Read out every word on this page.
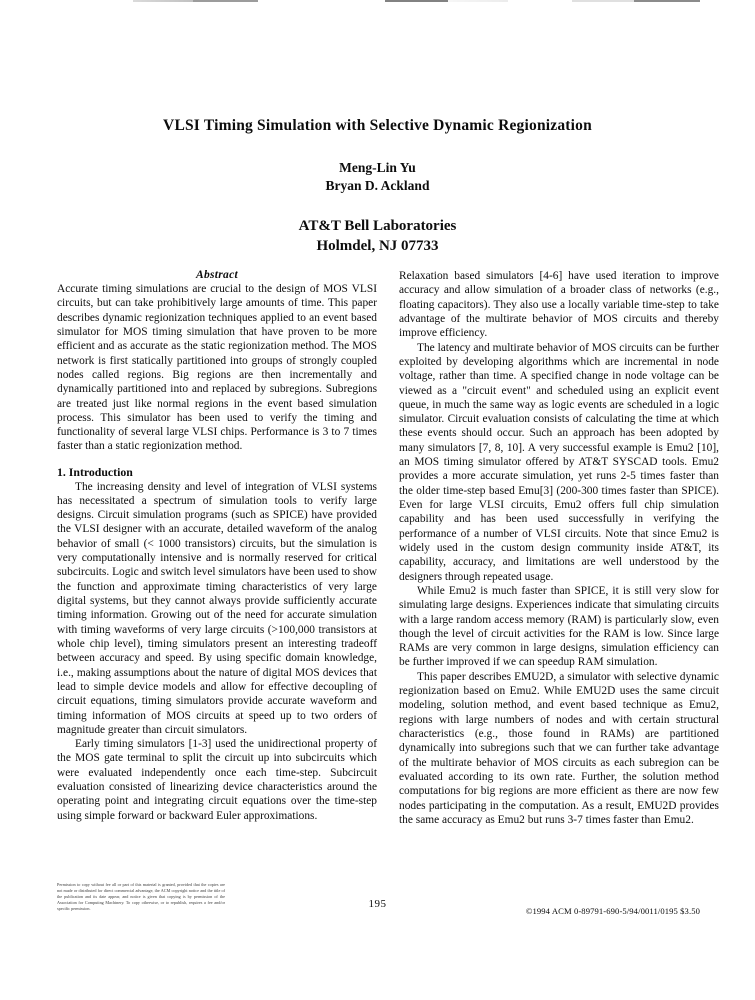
VLSI Timing Simulation with Selective Dynamic Regionization
Meng-Lin Yu
Bryan D. Ackland
AT&T Bell Laboratories
Holmdel, NJ 07733
Abstract

Accurate timing simulations are crucial to the design of MOS VLSI circuits, but can take prohibitively large amounts of time. This paper describes dynamic regionization techniques applied to an event based simulator for MOS timing simulation that have proven to be more efficient and as accurate as the static regionization method. The MOS network is first statically partitioned into groups of strongly coupled nodes called regions. Big regions are then incrementally and dynamically partitioned into and replaced by subregions. Subregions are treated just like normal regions in the event based simulation process. This simulator has been used to verify the timing and functionality of several large VLSI chips. Performance is 3 to 7 times faster than a static regionization method.

1. Introduction

The increasing density and level of integration of VLSI systems has necessitated a spectrum of simulation tools to verify large designs. Circuit simulation programs (such as SPICE) have provided the VLSI designer with an accurate, detailed waveform of the analog behavior of small (< 1000 transistors) circuits, but the simulation is very computationally intensive and is normally reserved for critical subcircuits. Logic and switch level simulators have been used to show the function and approximate timing characteristics of very large digital systems, but they cannot always provide sufficiently accurate timing information. Growing out of the need for accurate simulation with timing waveforms of very large circuits (>100,000 transistors at whole chip level), timing simulators present an interesting tradeoff between accuracy and speed. By using specific domain knowledge, i.e., making assumptions about the nature of digital MOS devices that lead to simple device models and allow for effective decoupling of circuit equations, timing simulators provide accurate waveform and timing information of MOS circuits at speed up to two orders of magnitude greater than circuit simulators.

Early timing simulators [1-3] used the unidirectional property of the MOS gate terminal to split the circuit up into subcircuits which were evaluated independently once each time-step. Subcircuit evaluation consisted of linearizing device characteristics around the operating point and integrating circuit equations over the time-step using simple forward or backward Euler approximations.

Relaxation based simulators [4-6] have used iteration to improve accuracy and allow simulation of a broader class of networks (e.g., floating capacitors). They also use a locally variable time-step to take advantage of the multirate behavior of MOS circuits and thereby improve efficiency.

The latency and multirate behavior of MOS circuits can be further exploited by developing algorithms which are incremental in node voltage, rather than time. A specified change in node voltage can be viewed as a "circuit event" and scheduled using an explicit event queue, in much the same way as logic events are scheduled in a logic simulator. Circuit evaluation consists of calculating the time at which these events should occur. Such an approach has been adopted by many simulators [7, 8, 10]. A very successful example is Emu2 [10], an MOS timing simulator offered by AT&T SYSCAD tools. Emu2 provides a more accurate simulation, yet runs 2-5 times faster than the older time-step based Emu[3] (200-300 times faster than SPICE). Even for large VLSI circuits, Emu2 offers full chip simulation capability and has been used successfully in verifying the performance of a number of VLSI circuits. Note that since Emu2 is widely used in the custom design community inside AT&T, its capability, accuracy, and limitations are well understood by the designers through repeated usage.

While Emu2 is much faster than SPICE, it is still very slow for simulating large designs. Experiences indicate that simulating circuits with a large random access memory (RAM) is particularly slow, even though the level of circuit activities for the RAM is low. Since large RAMs are very common in large designs, simulation efficiency can be further improved if we can speedup RAM simulation.

This paper describes EMU2D, a simulator with selective dynamic regionization based on Emu2. While EMU2D uses the same circuit modeling, solution method, and event based technique as Emu2, regions with large numbers of nodes and with certain structural characteristics (e.g., those found in RAMs) are partitioned dynamically into subregions such that we can further take advantage of the multirate behavior of MOS circuits as each subregion can be evaluated according to its own rate. Further, the solution method computations for big regions are more efficient as there are now few nodes participating in the computation. As a result, EMU2D provides the same accuracy as Emu2 but runs 3-7 times faster than Emu2.

Permission to copy without fee all or part of this material is granted, provided that the copies are not made or distributed for direct commercial advantage, the ACM copyright notice and the title of the publication and its date appear, and notice is given that copying is by permission of the Association for Computing Machinery. To copy otherwise, or to republish, requires a fee and/or specific permission.	195
©1994 ACM 0-89791-690-5/94/0011/0195 $3.50
